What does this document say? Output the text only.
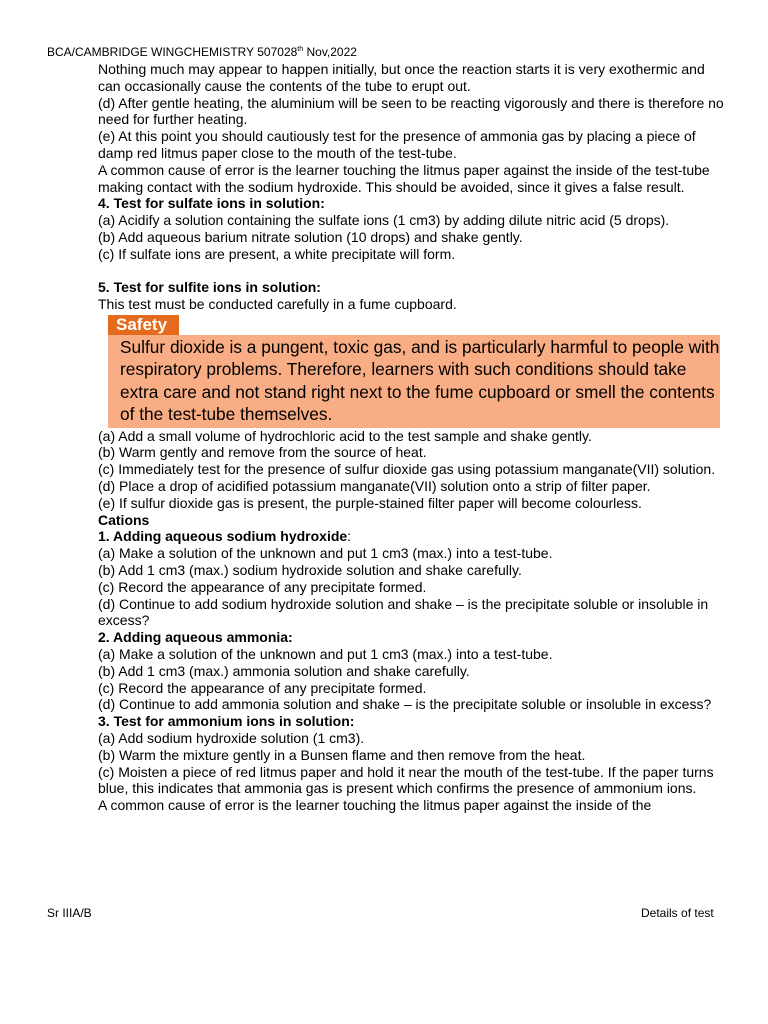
BCA/CAMBRIDGE WINGCHEMISTRY 507028th Nov,2022

Nothing much may appear to happen initially, but once the reaction starts it is very exothermic and can occasionally cause the contents of the tube to erupt out.

(d) After gentle heating, the aluminium will be seen to be reacting vigorously and there is therefore no need for further heating.

(e) At this point you should cautiously test for the presence of ammonia gas by placing a piece of damp red litmus paper close to the mouth of the test-tube.

A common cause of error is the learner touching the litmus paper against the inside of the test-tube making contact with the sodium hydroxide. This should be avoided, since it gives a false result.

4. Test for sulfate ions in solution:

(a) Acidify a solution containing the sulfate ions (1 cm3) by adding dilute nitric acid (5 drops).

(b) Add aqueous barium nitrate solution (10 drops) and shake gently.

(c) If sulfate ions are present, a white precipitate will form.

5. Test for sulfite ions in solution:

This test must be conducted carefully in a fume cupboard.

Safety
Sulfur dioxide is a pungent, toxic gas, and is particularly harmful to people with respiratory problems. Therefore, learners with such conditions should take extra care and not stand right next to the fume cupboard or smell the contents of the test-tube themselves.

(a) Add a small volume of hydrochloric acid to the test sample and shake gently.

(b) Warm gently and remove from the source of heat.

(c) Immediately test for the presence of sulfur dioxide gas using potassium manganate(VII) solution.

(d) Place a drop of acidified potassium manganate(VII) solution onto a strip of filter paper.

(e) If sulfur dioxide gas is present, the purple-stained filter paper will become colourless.

Cations

1. Adding aqueous sodium hydroxide:

(a) Make a solution of the unknown and put 1 cm3 (max.) into a test-tube.

(b) Add 1 cm3 (max.) sodium hydroxide solution and shake carefully.

(c) Record the appearance of any precipitate formed.

(d) Continue to add sodium hydroxide solution and shake – is the precipitate soluble or insoluble in excess?

2. Adding aqueous ammonia:

(a) Make a solution of the unknown and put 1 cm3 (max.) into a test-tube.

(b) Add 1 cm3 (max.) ammonia solution and shake carefully.

(c) Record the appearance of any precipitate formed.

(d) Continue to add ammonia solution and shake – is the precipitate soluble or insoluble in excess?

3. Test for ammonium ions in solution:

(a) Add sodium hydroxide solution (1 cm3).

(b) Warm the mixture gently in a Bunsen flame and then remove from the heat.

(c) Moisten a piece of red litmus paper and hold it near the mouth of the test-tube. If the paper turns blue, this indicates that ammonia gas is present which confirms the presence of ammonium ions.

A common cause of error is the learner touching the litmus paper against the inside of the

Sr IIIA/B	Details of test
